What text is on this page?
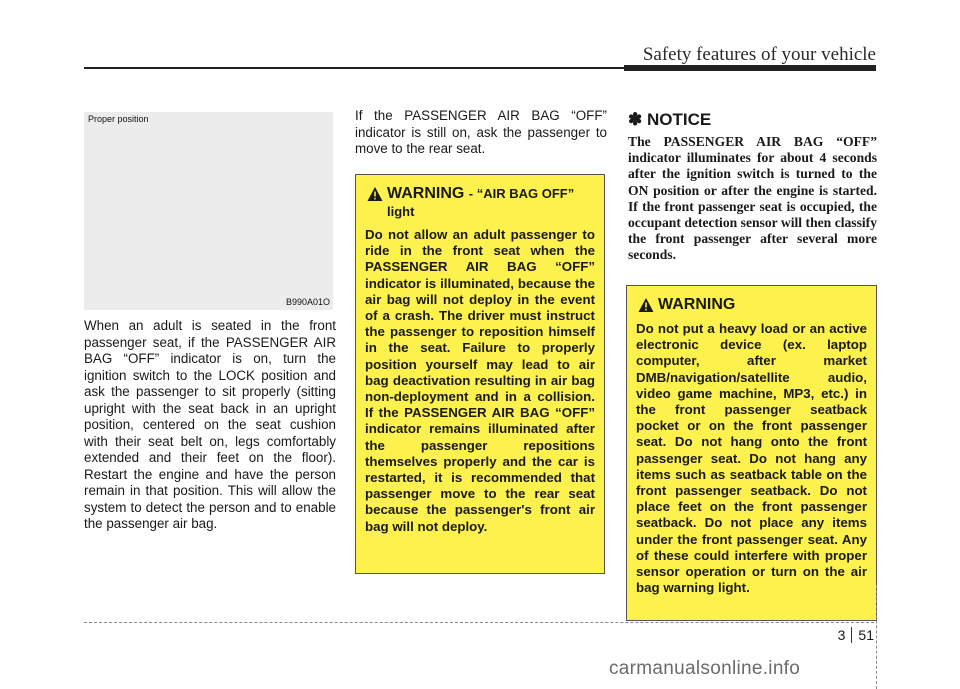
Safety features of your vehicle
Proper position
B990A01O
When an adult is seated in the front passenger seat, if the PASSENGER AIR BAG “OFF” indicator is on, turn the ignition switch to the LOCK position and ask the passenger to sit properly (sitting upright with the seat back in an upright position, centered on the seat cushion with their seat belt on, legs comfortably extended and their feet on the floor). Restart the engine and have the person remain in that position. This will allow the system to detect the person and to enable the passenger air bag.
If the PASSENGER AIR BAG “OFF” indicator is still on, ask the passenger to move to the rear seat.
WARNING - “AIR BAG OFF” light
Do not allow an adult passenger to ride in the front seat when the PASSENGER AIR BAG “OFF” indicator is illuminated, because the air bag will not deploy in the event of a crash. The driver must instruct the passenger to reposition himself in the seat. Failure to properly position yourself may lead to air bag deactivation resulting in air bag non-deployment and in a collision. If the PASSENGER AIR BAG “OFF” indicator remains illuminated after the passenger repositions themselves properly and the car is restarted, it is recommended that passenger move to the rear seat because the passenger's front air bag will not deploy.
✽ NOTICE
The PASSENGER AIR BAG “OFF” indicator illuminates for about 4 seconds after the ignition switch is turned to the ON position or after the engine is started. If the front passenger seat is occupied, the occupant detection sensor will then classify the front passenger after several more seconds.
WARNING
Do not put a heavy load or an active electronic device (ex. laptop computer, after market DMB/navigation/satellite audio, video game machine, MP3, etc.) in the front passenger seatback pocket or on the front passenger seat. Do not hang onto the front passenger seat. Do not hang any items such as seatback table on the front passenger seatback. Do not place feet on the front passenger seatback. Do not place any items under the front passenger seat. Any of these could interfere with proper sensor operation or turn on the air bag warning light.
3 51
carmanualsonline.info
